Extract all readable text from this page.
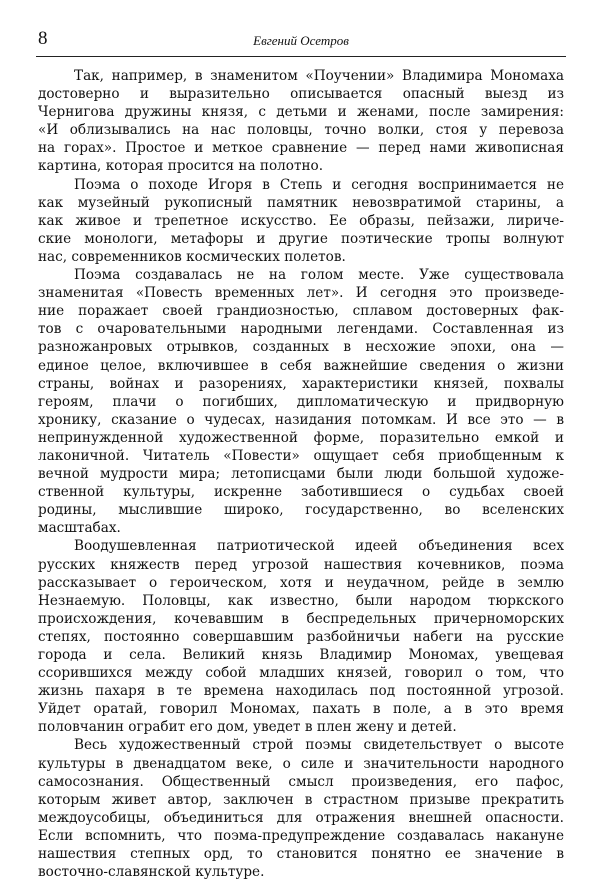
8	Евгений Осетров

Так, например, в знаменитом «Поучении» Владимира Мономаха
достоверно и выразительно описывается опасный выезд из
Чернигова дружины князя, с детьми и женами, после замирения:
«И облизывались на нас половцы, точно волки, стоя у перевоза
на горах». Простое и меткое сравнение — перед нами живописная
картина, которая просится на полотно.

Поэма о походе Игоря в Степь и сегодня воспринимается не
как музейный рукописный памятник невозвратимой старины, а
как живое и трепетное искусство. Ее образы, пейзажи, лириче-
ские монологи, метафоры и другие поэтические тропы волнуют
нас, современников космических полетов.

Поэма создавалась не на голом месте. Уже существовала
знаменитая «Повесть временных лет». И сегодня это произведе-
ние поражает своей грандиозностью, сплавом достоверных фак-
тов с очаровательными народными легендами. Составленная из
разножанровых отрывков, созданных в несхожие эпохи, она —
единое целое, включившее в себя важнейшие сведения о жизни
страны, войнах и разорениях, характеристики князей, похвалы
героям, плачи о погибших, дипломатическую и придворную
хронику, сказание о чудесах, назидания потомкам. И все это — в
непринужденной художественной форме, поразительно емкой и
лаконичной. Читатель «Повести» ощущает себя приобщенным к
вечной мудрости мира; летописцами были люди большой художе-
ственной культуры, искренне заботившиеся о судьбах своей
родины, мыслившие широко, государственно, во вселенских
масштабах.

Воодушевленная патриотической идеей объединения всех
русских княжеств перед угрозой нашествия кочевников, поэма
рассказывает о героическом, хотя и неудачном, рейде в землю
Незнаемую. Половцы, как известно, были народом тюркского
происхождения, кочевавшим в беспредельных причерноморских
степях, постоянно совершавшим разбойничьи набеги на русские
города и села. Великий князь Владимир Мономах, увещевая
ссорившихся между собой младших князей, говорил о том, что
жизнь пахаря в те времена находилась под постоянной угрозой.
Уйдет оратай, говорил Мономах, пахать в поле, а в это время
половчанин ограбит его дом, уведет в плен жену и детей.

Весь художественный строй поэмы свидетельствует о высоте
культуры в двенадцатом веке, о силе и значительности народного
самосознания. Общественный смысл произведения, его пафос,
которым живет автор, заключен в страстном призыве прекратить
междоусобицы, объединиться для отражения внешней опасности.
Если вспомнить, что поэма-предупреждение создавалась накануне
нашествия степных орд, то становится понятно ее значение в
восточно-славянской культуре.
